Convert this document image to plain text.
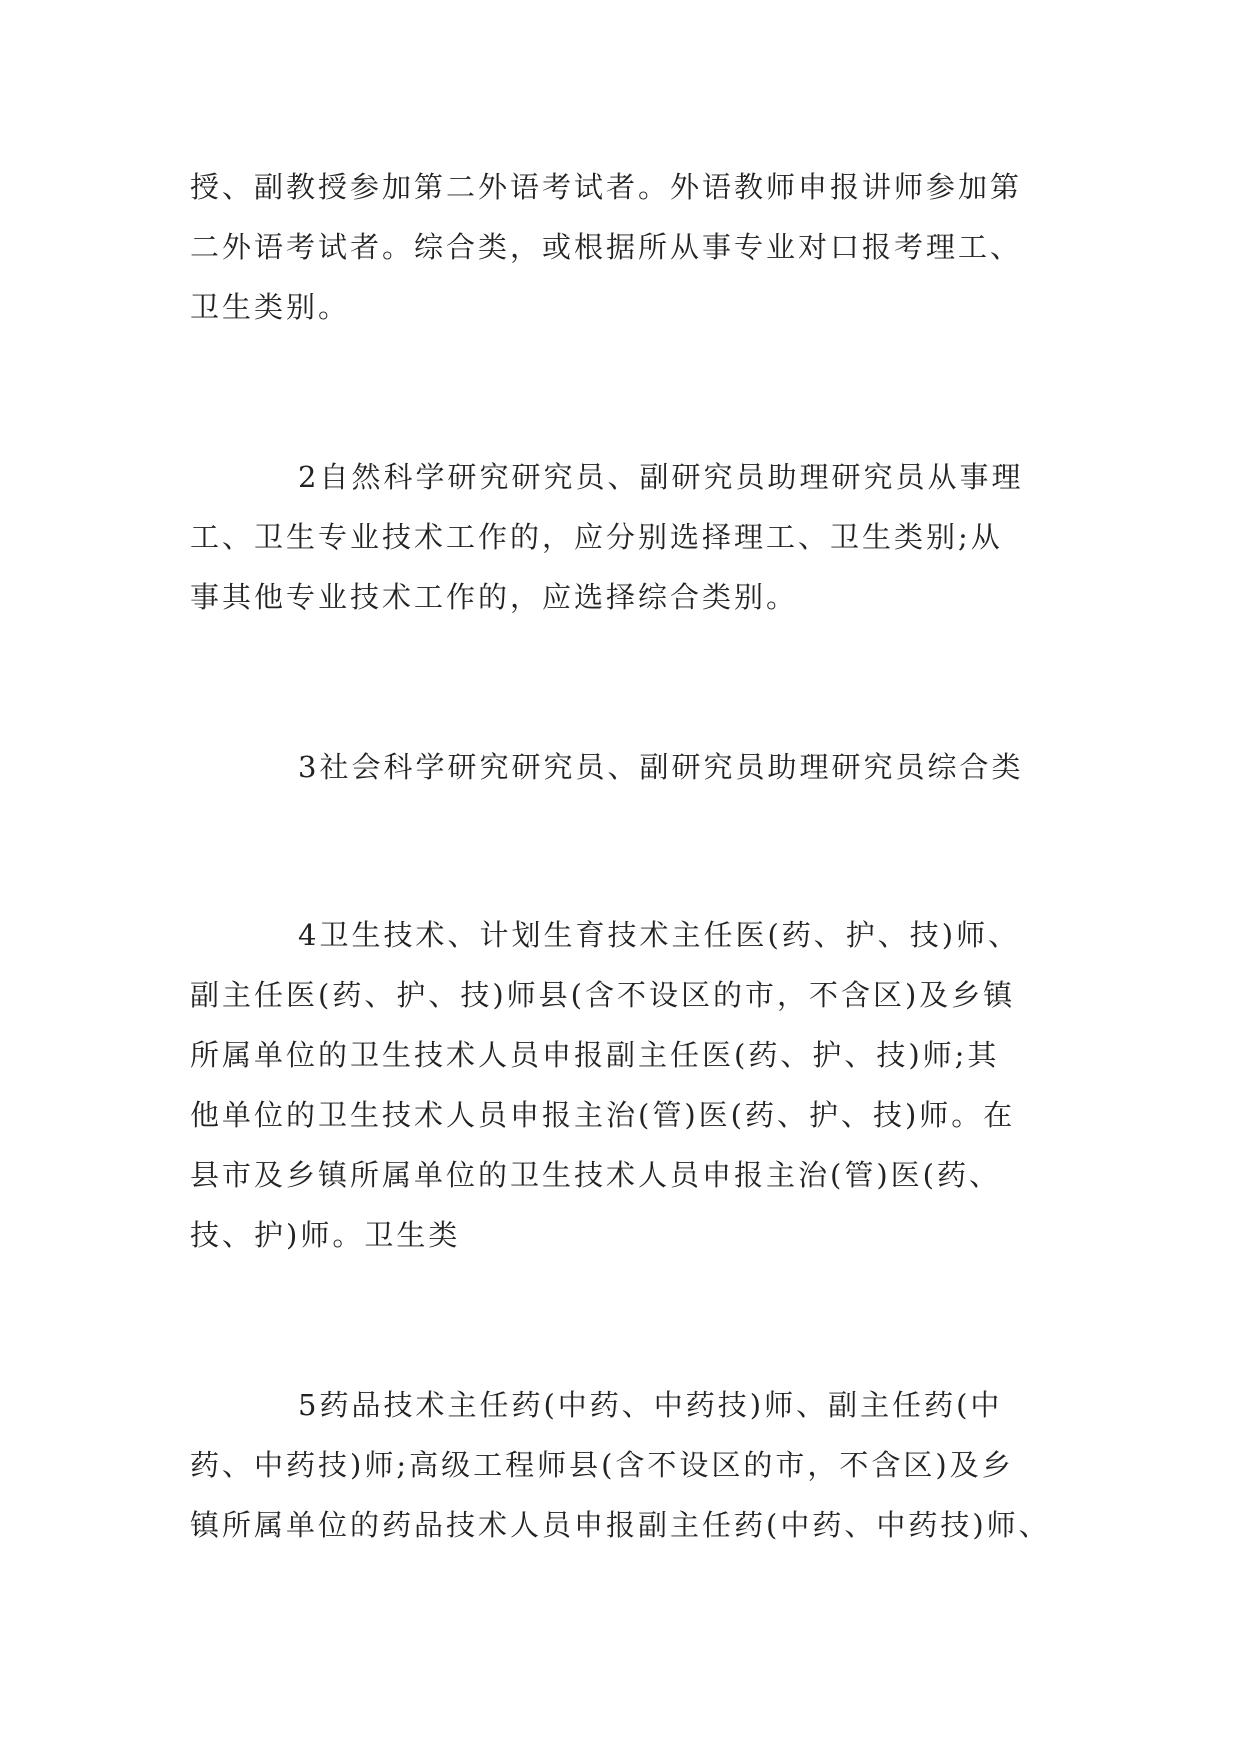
授、副教授参加第二外语考试者。外语教师申报讲师参加第
二外语考试者。综合类，或根据所从事专业对口报考理工、
卫生类别。
2自然科学研究研究员、副研究员助理研究员从事理
工、卫生专业技术工作的，应分别选择理工、卫生类别;从
事其他专业技术工作的，应选择综合类别。
3社会科学研究研究员、副研究员助理研究员综合类
4卫生技术、计划生育技术主任医(药、护、技)师、
副主任医(药、护、技)师县(含不设区的市，不含区)及乡镇
所属单位的卫生技术人员申报副主任医(药、护、技)师;其
他单位的卫生技术人员申报主治(管)医(药、护、技)师。在
县市及乡镇所属单位的卫生技术人员申报主治(管)医(药、
技、护)师。卫生类
5药品技术主任药(中药、中药技)师、副主任药(中
药、中药技)师;高级工程师县(含不设区的市，不含区)及乡
镇所属单位的药品技术人员申报副主任药(中药、中药技)师、
